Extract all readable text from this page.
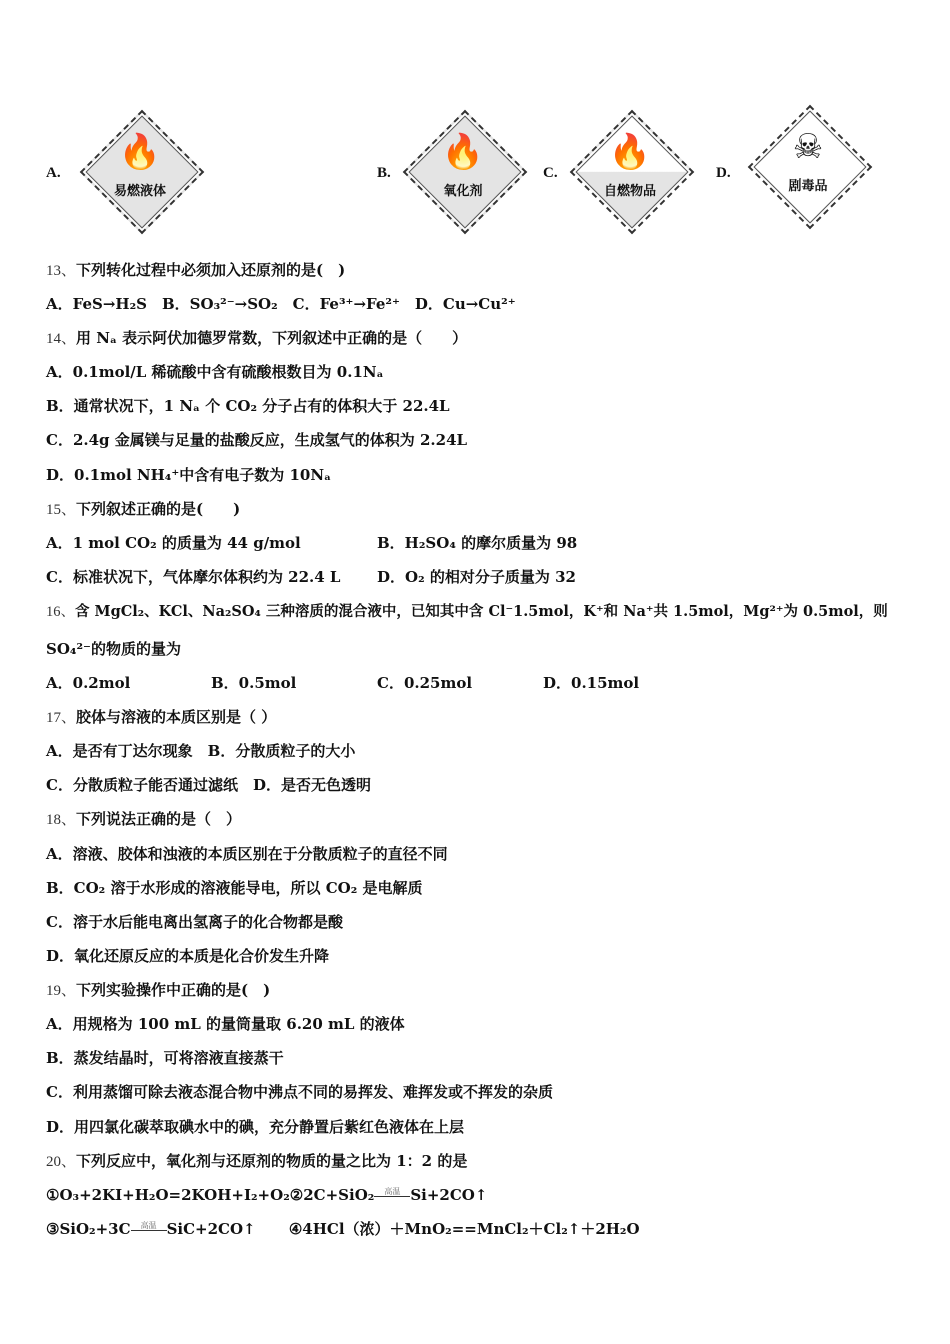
A.
🔥
易燃液体
B.
🔥
氧化剂
C.
🔥
自燃物品
D.
☠
剧毒品
13、下列转化过程中必须加入还原剂的是(　)
A．FeS→H₂S　B．SO₃²⁻→SO₂　C．Fe³⁺→Fe²⁺　D．Cu→Cu²⁺
14、用 Nₐ 表示阿伏加德罗常数，下列叙述中正确的是（　　）
A．0.1mol/L 稀硫酸中含有硫酸根数目为 0.1Nₐ
B．通常状况下，1 Nₐ 个 CO₂ 分子占有的体积大于 22.4L
C．2.4g 金属镁与足量的盐酸反应，生成氢气的体积为 2.24L
D．0.1mol NH₄⁺中含有电子数为 10Nₐ
15、下列叙述正确的是(　　)
A．1 mol CO₂ 的质量为 44 g/mol	B．H₂SO₄ 的摩尔质量为 98
C．标准状况下，气体摩尔体积约为 22.4 L D．O₂ 的相对分子质量为 32
16、含 MgCl₂、KCl、Na₂SO₄ 三种溶质的混合液中，已知其中含 Cl⁻1.5mol，K⁺和 Na⁺共 1.5mol，Mg²⁺为 0.5mol，则
SO₄²⁻的物质的量为
A．0.2mol	B．0.5mol	C．0.25mol	D．0.15mol
17、胶体与溶液的本质区别是（ ）
A．是否有丁达尔现象　B．分散质粒子的大小
C．分散质粒子能否通过滤纸　D．是否无色透明
18、下列说法正确的是（　）
A．溶液、胶体和浊液的本质区别在于分散质粒子的直径不同
B．CO₂ 溶于水形成的溶液能导电，所以 CO₂ 是电解质
C．溶于水后能电离出氢离子的化合物都是酸
D．氧化还原反应的本质是化合价发生升降
19、下列实验操作中正确的是(　)
A．用规格为 100 mL 的量筒量取 6.20 mL 的液体
B．蒸发结晶时，可将溶液直接蒸干
C．利用蒸馏可除去液态混合物中沸点不同的易挥发、难挥发或不挥发的杂质
D．用四氯化碳萃取碘水中的碘，充分静置后紫红色液体在上层
20、下列反应中，氧化剂与还原剂的物质的量之比为 1：2 的是
①O₃+2KI+H₂O=2KOH+I₂+O₂②2C+SiO₂ 高温 Si+2CO↑
③SiO₂+3C 高温 SiC+2CO↑ ④4HCl（浓）＋MnO₂==MnCl₂＋Cl₂↑＋2H₂O
